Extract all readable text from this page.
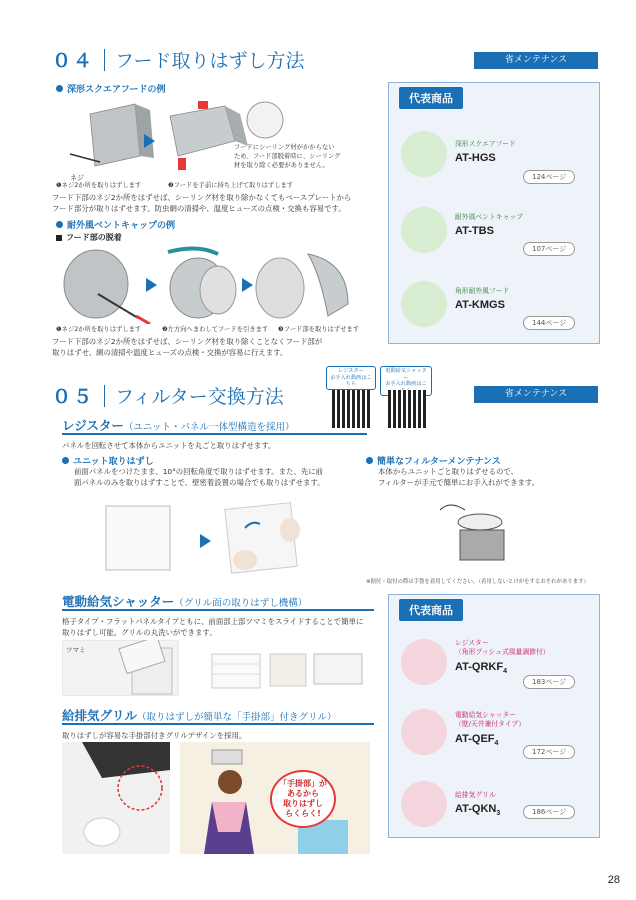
０４ フード取りはずし方法	省メンテナンス
深形スクエアフードの例
ネジ
フードにシーリング材がかからない
ため、フード部脱着時に、シーリング
材を取り除く必要がありません。
❶ネジ2か所を取りはずします	❷フードを手前に持ち上げて取りはずします
フード下部のネジ2か所をはずせば、シーリング材を取り除かなくてもベースプレートから
フード部分が取りはずせます。防虫網の清掃や、温度ヒューズの点検・交換も容易です。
耐外風ベントキャップの例
フード部の脱着
❶ネジ2か所を取りはずします	❷左方向へまわしてフードを引きます ❸フード部を取りはずせます
フード下部のネジ2か所をはずせば、シーリング材を取り除くことなくフード部が
取りはずせ、網の清掃や温度ヒューズの点検・交換が容易に行えます。
代表商品
深形スクエアフード
AT-HGS
124ページ
耐外風ベントキャップ
AT-TBS
107ページ
角形耐外風フード
AT-KMGS
144ページ
０５ フィルター交換方法	省メンテナンス
レジスター
お手入れ動画はこちら
電動給気シャッター
お手入れ動画はこ
レジスター（ユニット・パネル一体型構造を採用）
パネルを回転させて本体からユニットを丸ごと取りはずせます。
ユニット取りはずし
前面パネルをつけたまま、10°の回転角度で取りはずせます。また、先に前
面パネルのみを取りはずすことで、壁密着設置の場合でも取りはずせます。
簡単なフィルターメンテナンス
本体からユニットごと取りはずせるので、
フィルターが手元で簡単にお手入れができます。
※据付・取付の際は手袋を着用してください。（着用しないとけがをするおそれがあります）
電動給気シャッター（グリル面の取りはずし機構）
格子タイプ・フラットパネルタイプともに、前面部上部ツマミをスライドすることで簡単に
取りはずし可能。グリルの丸洗いができます。
ツマミ
給排気グリル（取りはずしが簡単な「手掛部」付きグリル）
取りはずしが容易な手掛部付きグリルデザインを採用。
「手掛部」が
あるから
取りはずし
らくらく!
代表商品
レジスター
（角形プッシュ式風量調節付）
$AT-QRKF_4$
183ページ
電動給気シャッター
（壁/天井兼付タイプ）
$AT-QEF_4$
172ページ
給排気グリル
$AT-QKN_3$	186ページ
28
